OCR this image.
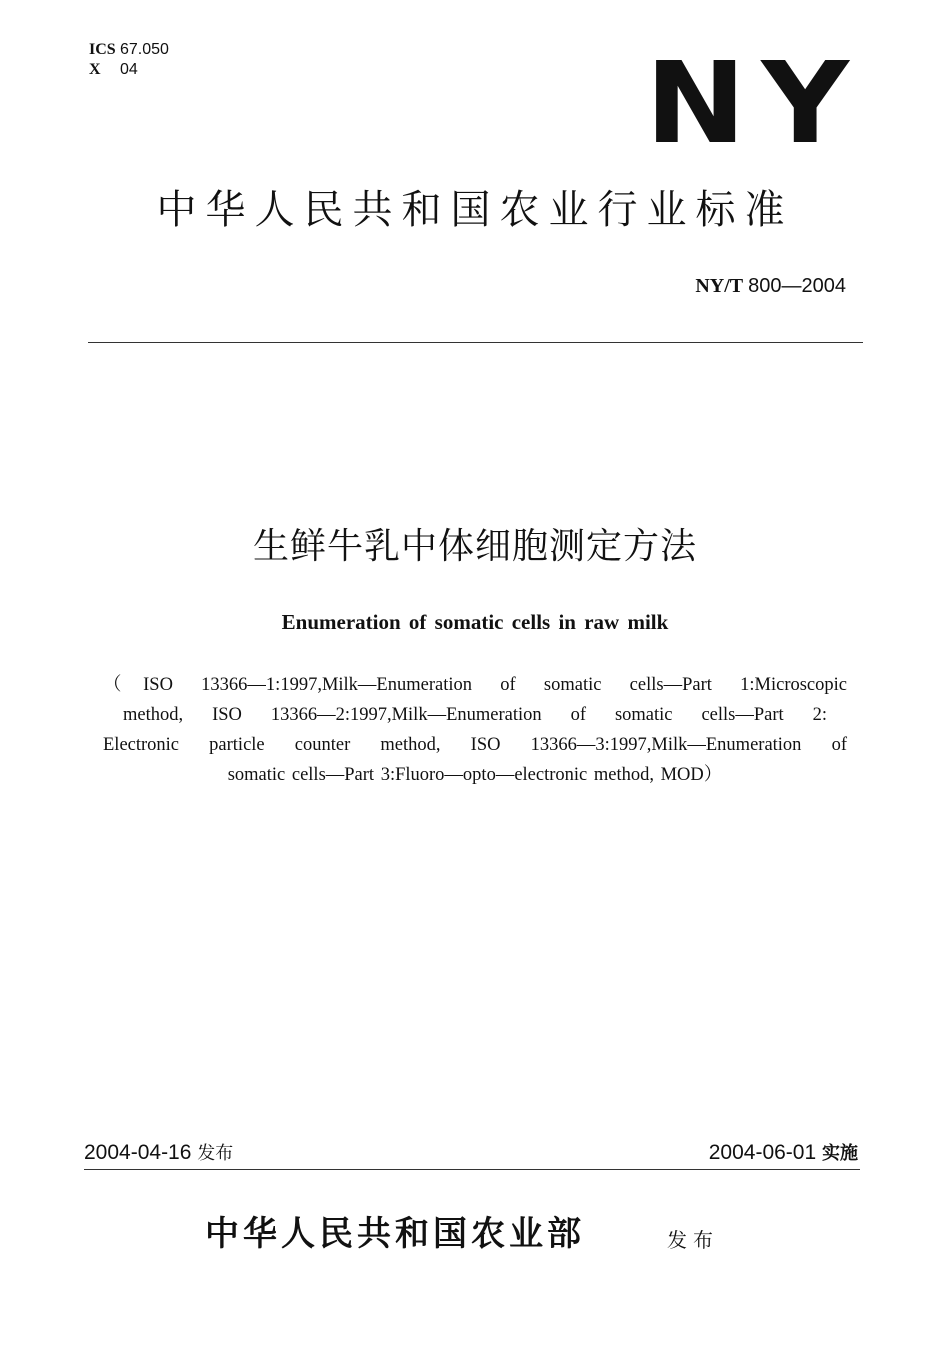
ICS 67.050
X 04	NY
中华人民共和国农业行业标准
NY/T 800—2004
生鲜牛乳中体细胞测定方法
Enumeration of somatic cells in raw milk
（ISO 13366—1:1997,Milk—Enumeration of somatic cells—Part 1:Microscopic
method, ISO 13366—2:1997,Milk—Enumeration of somatic cells—Part 2:
Electronic particle counter method, ISO 13366—3:1997,Milk—Enumeration of
somatic cells—Part 3:Fluoro—opto—electronic method, MOD）
2004-04-16 发布	2004-06-01 实施
中华人民共和国农业部	发布
